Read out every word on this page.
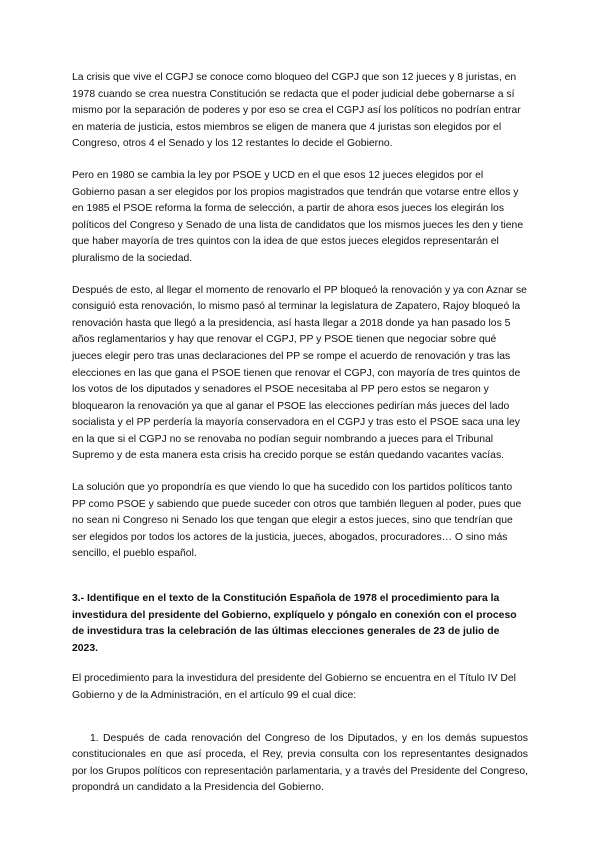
La crisis que vive el CGPJ se conoce como bloqueo del CGPJ que son 12 jueces y 8 juristas, en 1978 cuando se crea nuestra Constitución se redacta que el poder judicial debe gobernarse a sí mismo por la separación de poderes y por eso se crea el CGPJ así los políticos no podrían entrar en materia de justicia, estos miembros se eligen de manera que 4 juristas son elegidos por el Congreso, otros 4 el Senado y los 12 restantes lo decide el Gobierno.

Pero en 1980 se cambia la ley por PSOE y UCD en el que esos 12 jueces elegidos por el Gobierno pasan a ser elegidos por los propios magistrados que tendrán que votarse entre ellos y en 1985 el PSOE reforma la forma de selección, a partir de ahora esos jueces los elegirán los políticos del Congreso y Senado de una lista de candidatos que los mismos jueces les den y tiene que haber mayoría de tres quintos con la idea de que estos jueces elegidos representarán el pluralismo de la sociedad.

Después de esto, al llegar el momento de renovarlo el PP bloqueó la renovación y ya con Aznar se consiguió esta renovación, lo mismo pasó al terminar la legislatura de Zapatero, Rajoy bloqueó la renovación hasta que llegó a la presidencia, así hasta llegar a 2018 donde ya han pasado los 5 años reglamentarios y hay que renovar el CGPJ, PP y PSOE tienen que negociar sobre qué jueces elegir pero tras unas declaraciones del PP se rompe el acuerdo de renovación y tras las elecciones en las que gana el PSOE tienen que renovar el CGPJ, con mayoría de tres quintos de los votos de los diputados y senadores el PSOE necesitaba al PP pero estos se negaron y bloquearon la renovación ya que al ganar el PSOE las elecciones pedirían más jueces del lado socialista y el PP perdería la mayoría conservadora en el CGPJ y tras esto el PSOE saca una ley en la que si el CGPJ no se renovaba no podían seguir nombrando a jueces para el Tribunal Supremo y de esta manera esta crisis ha crecido porque se están quedando vacantes vacías.

La solución que yo propondría es que viendo lo que ha sucedido con los partidos políticos tanto PP como PSOE y sabiendo que puede suceder con otros que también lleguen al poder, pues que no sean ni Congreso ni Senado los que tengan que elegir a estos jueces, sino que tendrían que ser elegidos por todos los actores de la justicia, jueces, abogados, procuradores… O sino más sencillo, el pueblo español.

3.- Identifique en el texto de la Constitución Española de 1978 el procedimiento para la investidura del presidente del Gobierno, explíquelo y póngalo en conexión con el proceso de investidura tras la celebración de las últimas elecciones generales de 23 de julio de 2023.

El procedimiento para la investidura del presidente del Gobierno se encuentra en el Título IV Del Gobierno y de la Administración, en el artículo 99 el cual dice:

1. Después de cada renovación del Congreso de los Diputados, y en los demás supuestos constitucionales en que así proceda, el Rey, previa consulta con los representantes designados por los Grupos políticos con representación parlamentaria, y a través del Presidente del Congreso, propondrá un candidato a la Presidencia del Gobierno.
